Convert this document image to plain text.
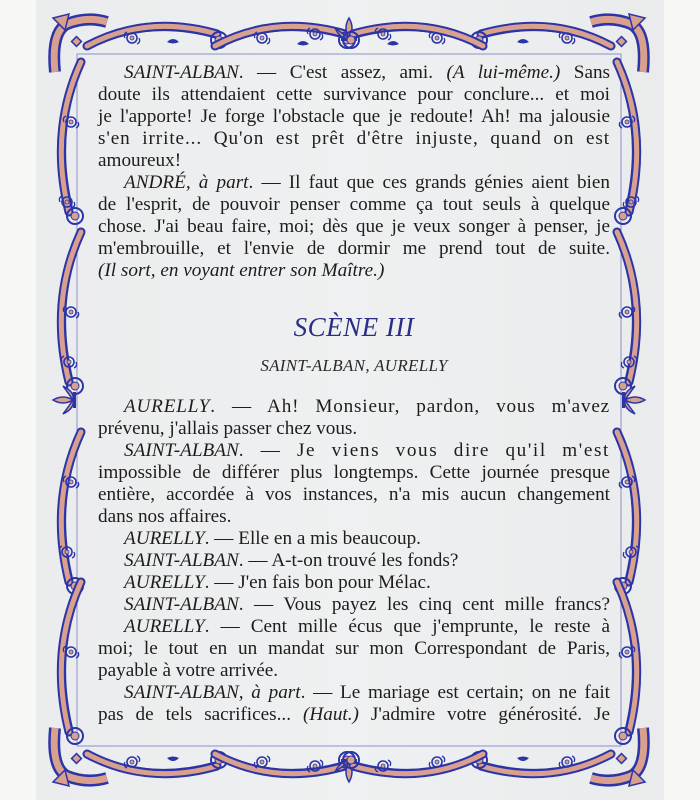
SAINT-ALBAN. — C'est assez, ami. (A lui-même.) Sans
doute ils attendaient cette survivance pour conclure... et moi
je l'apporte! Je forge l'obstacle que je redoute! Ah! ma jalousie
s'en irrite... Qu'on est prêt d'être injuste, quand on est
amoureux!
ANDRÉ, à part. — Il faut que ces grands génies aient bien
de l'esprit, de pouvoir penser comme ça tout seuls à quelque
chose. J'ai beau faire, moi; dès que je veux songer à penser, je
m'embrouille, et l'envie de dormir me prend tout de suite.
(Il sort, en voyant entrer son Maître.)
SCÈNE III
SAINT-ALBAN, AURELLY
AURELLY. — Ah! Monsieur, pardon, vous m'avez
prévenu, j'allais passer chez vous.
SAINT-ALBAN. — Je viens vous dire qu'il m'est
impossible de différer plus longtemps. Cette journée presque
entière, accordée à vos instances, n'a mis aucun changement
dans nos affaires.
AURELLY. — Elle en a mis beaucoup.
SAINT-ALBAN. — A-t-on trouvé les fonds?
AURELLY. — J'en fais bon pour Mélac.
SAINT-ALBAN. — Vous payez les cinq cent mille francs?
AURELLY. — Cent mille écus que j'emprunte, le reste à
moi; le tout en un mandat sur mon Correspondant de Paris,
payable à votre arrivée.
SAINT-ALBAN, à part. — Le mariage est certain; on ne fait
pas de tels sacrifices... (Haut.) J'admire votre générosité. Je
